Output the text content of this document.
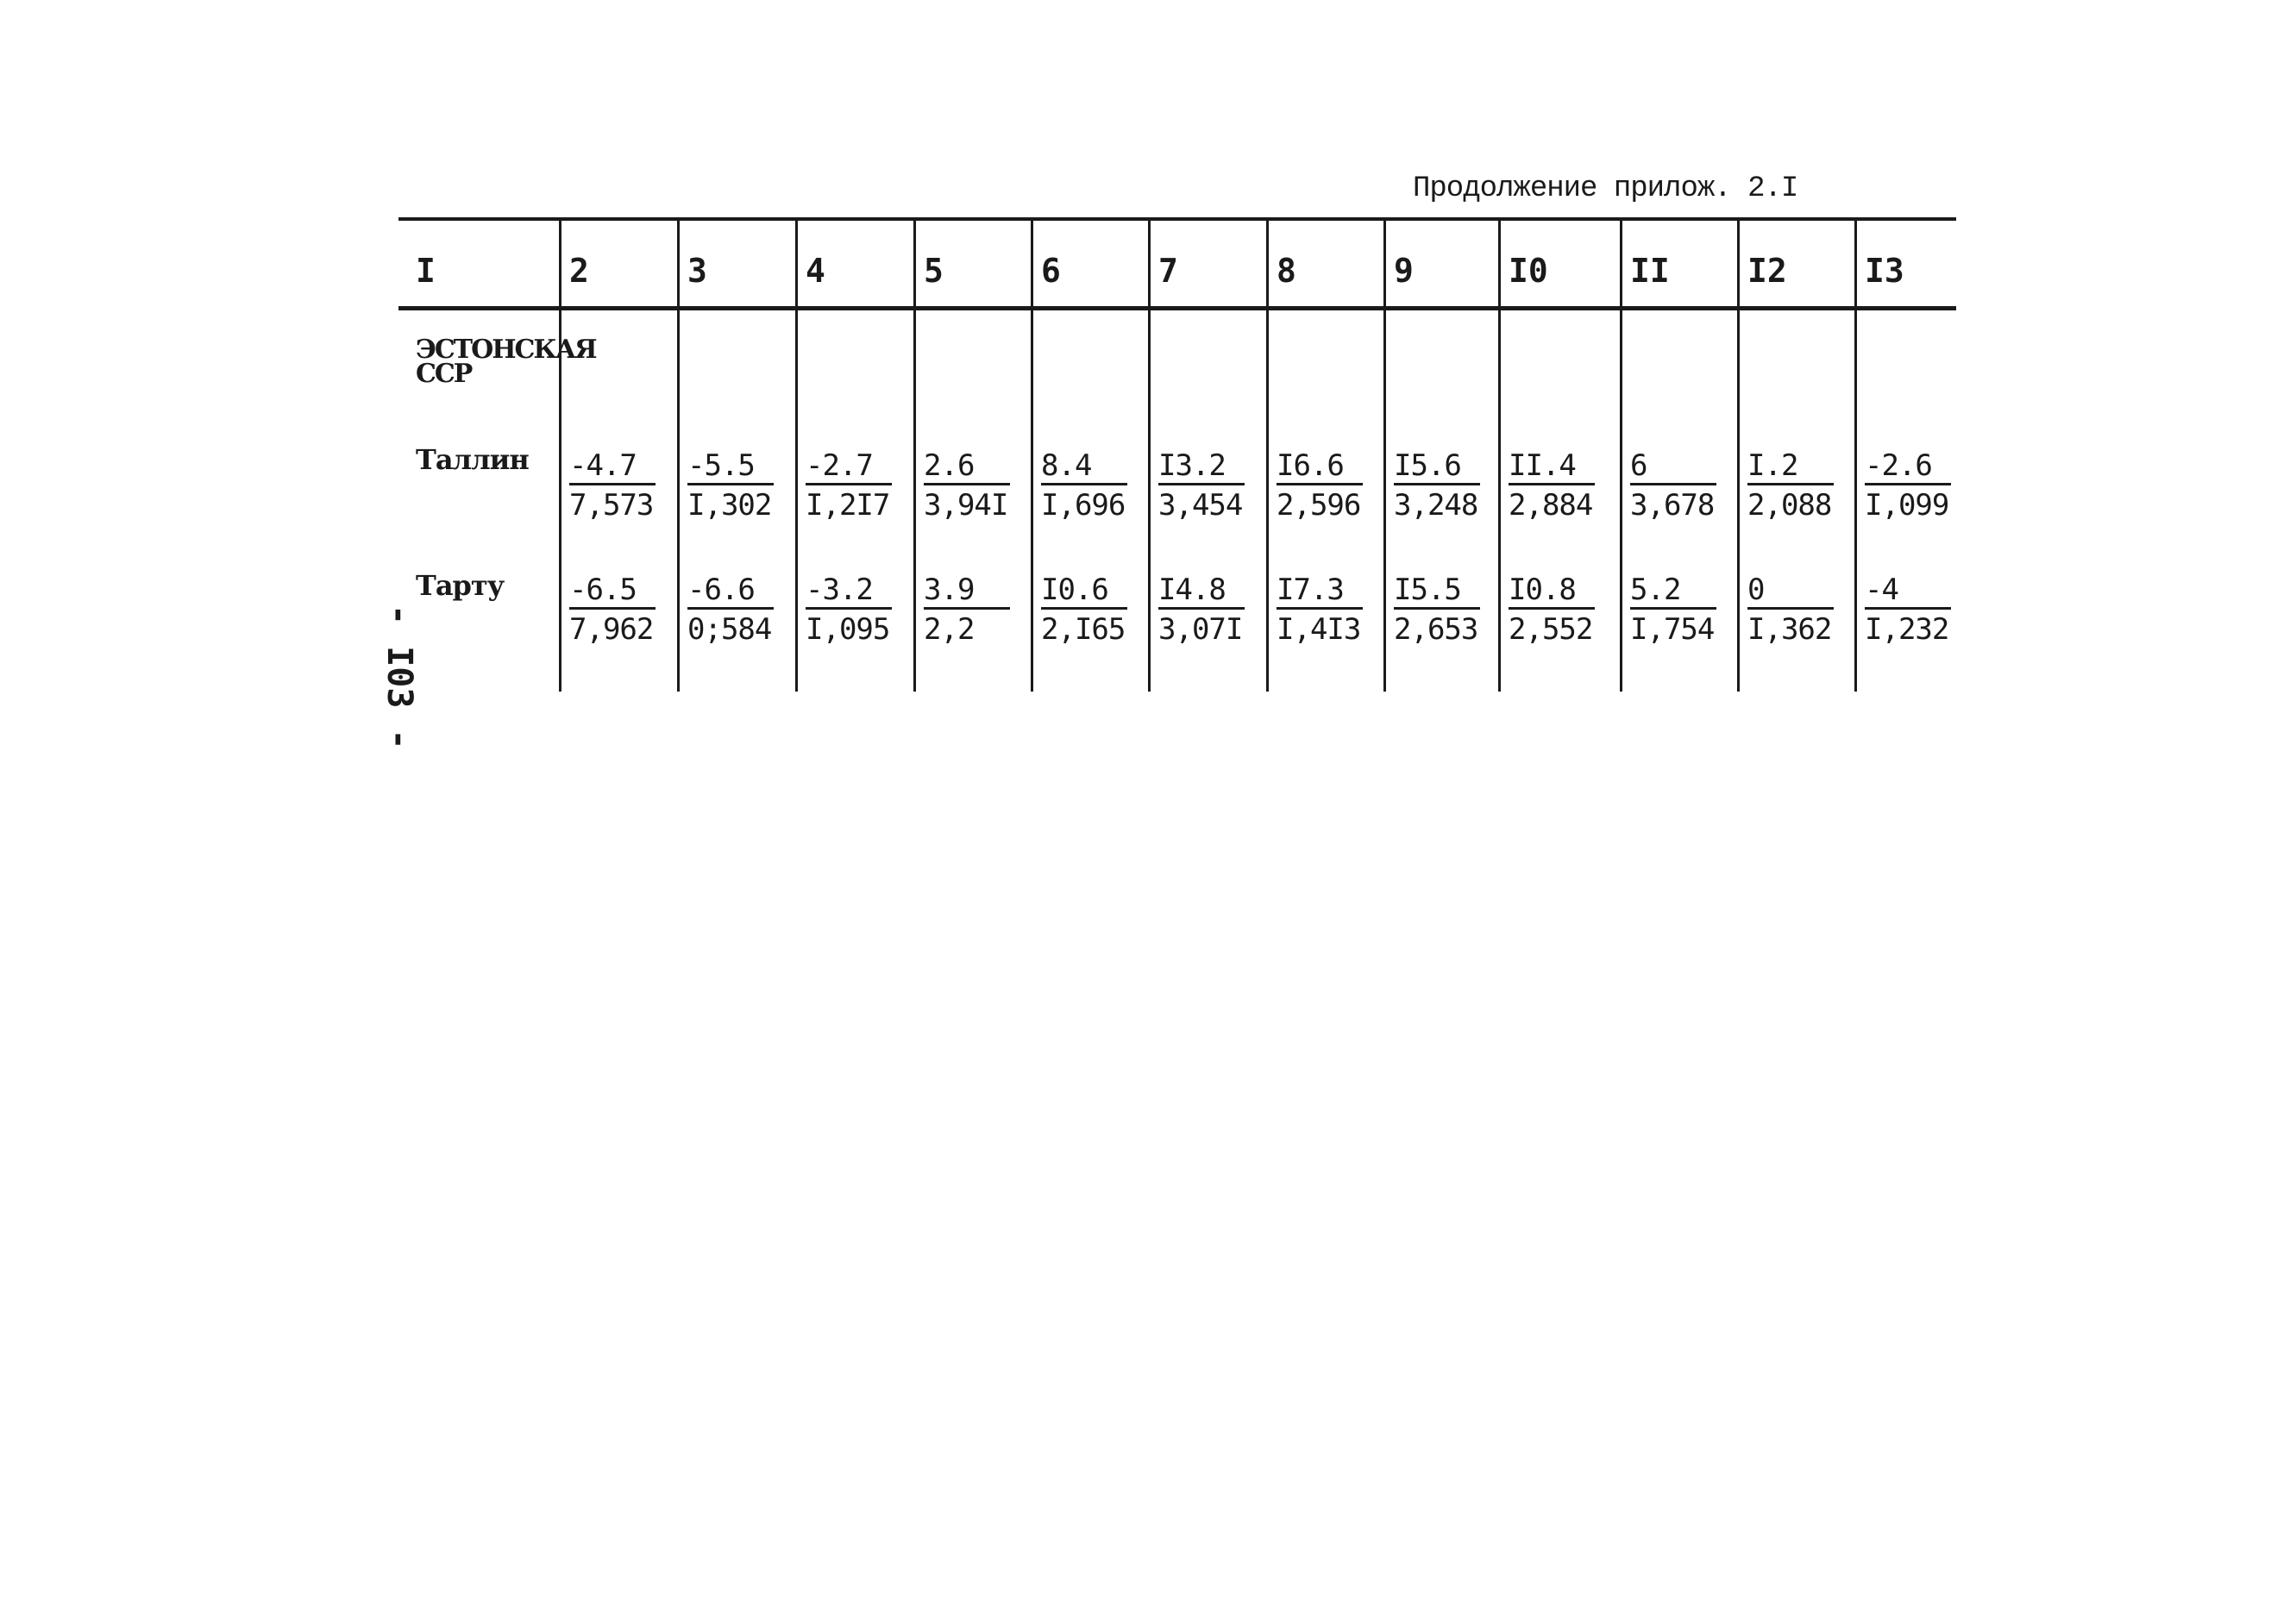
Продолжение прилож. 2.I
- I03 -
I	2	3	4	5	6	7	8	9	I0	II I2 I3
ЭСТОНСКАЯ
ССР
Таллин $\frac{-4.7}{7,573} \frac{-5.5}{I,302} \frac{-2.7}{I,2I7} \frac{2.6}{3,94I} \frac{8.4}{I,696} \frac{I3.2}{3,454} \frac{I6.6}{2,596} \frac{I5.6}{3,248} \frac{II.4}{2,884} \frac{6}{3,678} \frac{I.2}{2,088} \frac{-2.6}{I,099}$
Тарту $\frac{-6.5}{7,962} \frac{-6.6}{0;584} \frac{-3.2}{I,095} \frac{3.9}{2,2} \frac{I0.6}{2,I65} \frac{I4.8}{3,07I} \frac{I7.3}{I,4I3} \frac{I5.5}{2,653} \frac{I0.8}{2,552} \frac{5.2}{I,754} \frac{0}{I,362} \frac{-4}{I,232}$
